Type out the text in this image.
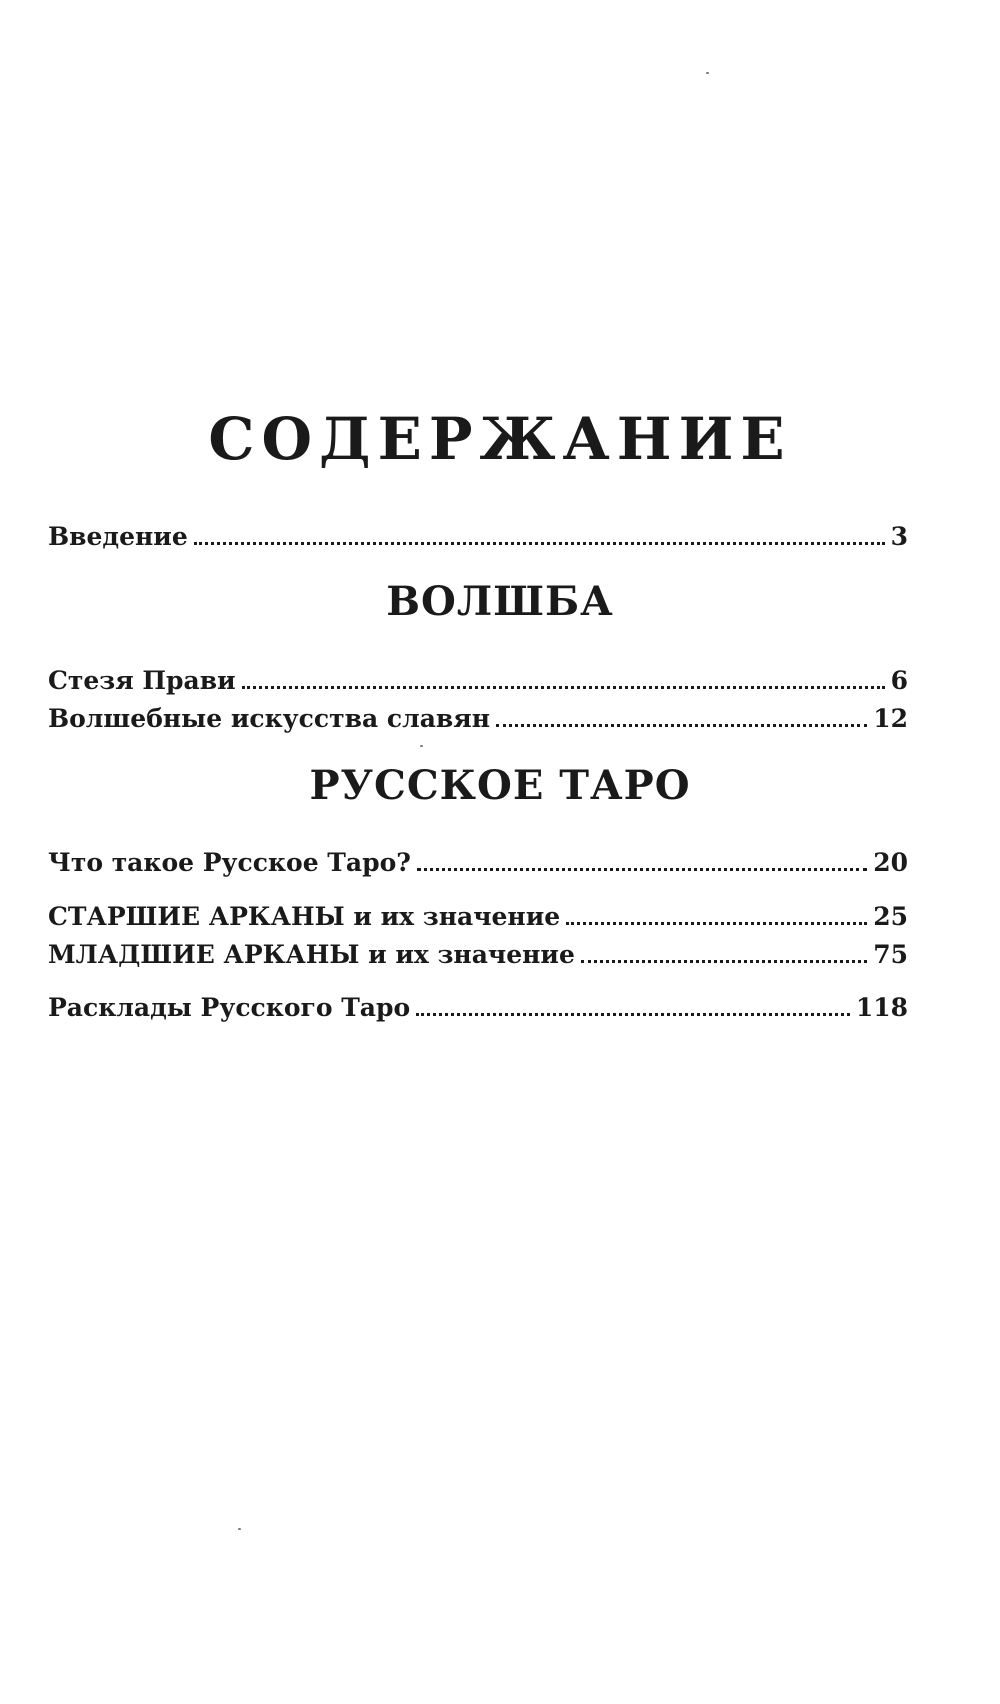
СОДЕРЖАНИЕ
Введение	3
ВОЛШБА
Стезя Прави	6
Волшебные искусства славян	12
РУССКОЕ ТАРО
Что такое Русское Таро?	20
СТАРШИЕ АРКАНЫ и их значение	25
МЛАДШИЕ АРКАНЫ и их значение	75
Расклады Русского Таро	118
